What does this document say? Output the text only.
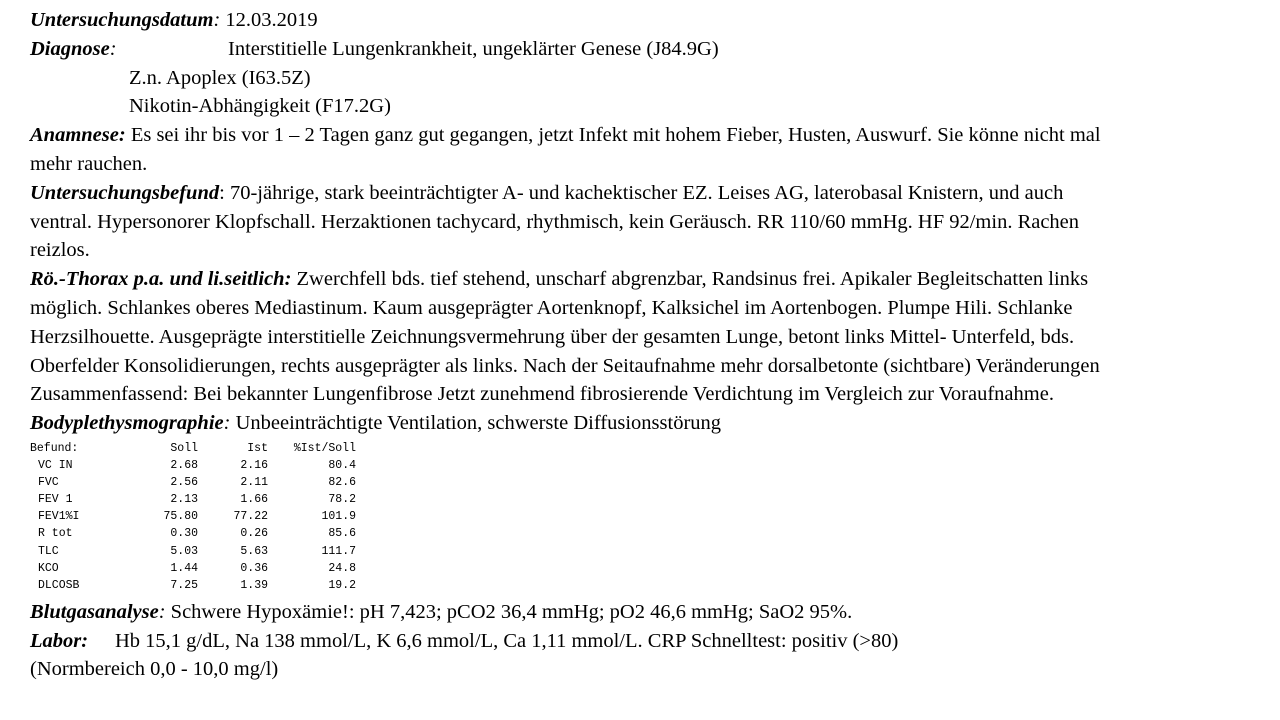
Untersuchungsdatum: 12.03.2019
Diagnose:	Interstitielle Lungenkrankheit, ungeklärter Genese (J84.9G)
Z.n. Apoplex (I63.5Z)
Nikotin-Abhängigkeit (F17.2G)
Anamnese: Es sei ihr bis vor 1 – 2 Tagen ganz gut gegangen, jetzt Infekt mit hohem Fieber, Husten, Auswurf. Sie könne nicht mal
mehr rauchen.
Untersuchungsbefund: 70-jährige, stark beeinträchtigter A- und kachektischer EZ. Leises AG, laterobasal Knistern, und auch
ventral. Hypersonorer Klopfschall. Herzaktionen tachycard, rhythmisch, kein Geräusch. RR 110/60 mmHg. HF 92/min. Rachen
reizlos.
Rö.-Thorax p.a. und li.seitlich: Zwerchfell bds. tief stehend, unscharf abgrenzbar, Randsinus frei. Apikaler Begleitschatten links
möglich. Schlankes oberes Mediastinum. Kaum ausgeprägter Aortenknopf, Kalksichel im Aortenbogen. Plumpe Hili. Schlanke
Herzsilhouette. Ausgeprägte interstitielle Zeichnungsvermehrung über der gesamten Lunge, betont links Mittel- Unterfeld, bds.
Oberfelder Konsolidierungen, rechts ausgeprägter als links. Nach der Seitaufnahme mehr dorsalbetonte (sichtbare) Veränderungen
Zusammenfassend: Bei bekannter Lungenfibrose Jetzt zunehmend fibrosierende Verdichtung im Vergleich zur Voraufnahme.
Bodyplethysmographie: Unbeeinträchtigte Ventilation, schwerste Diffusionsstörung
Befund:	Soll	Ist	%Ist/Soll
VC IN	2.68	2.16	80.4
FVC	2.56	2.11	82.6
FEV 1	2.13	1.66	78.2
FEV1%I	75.80	77.22	101.9
R tot	0.30	0.26	85.6
TLC	5.03	5.63	111.7
KCO	1.44	0.36	24.8
DLCOSB	7.25	1.39	19.2
Blutgasanalyse: Schwere Hypoxämie!: pH 7,423; pCO2 36,4 mmHg; pO2 46,6 mmHg; SaO2 95%.
Labor: Hb 15,1 g/dL, Na 138 mmol/L, K 6,6 mmol/L, Ca 1,11 mmol/L. CRP Schnelltest: positiv (>80)
(Normbereich 0,0 - 10,0 mg/l)
